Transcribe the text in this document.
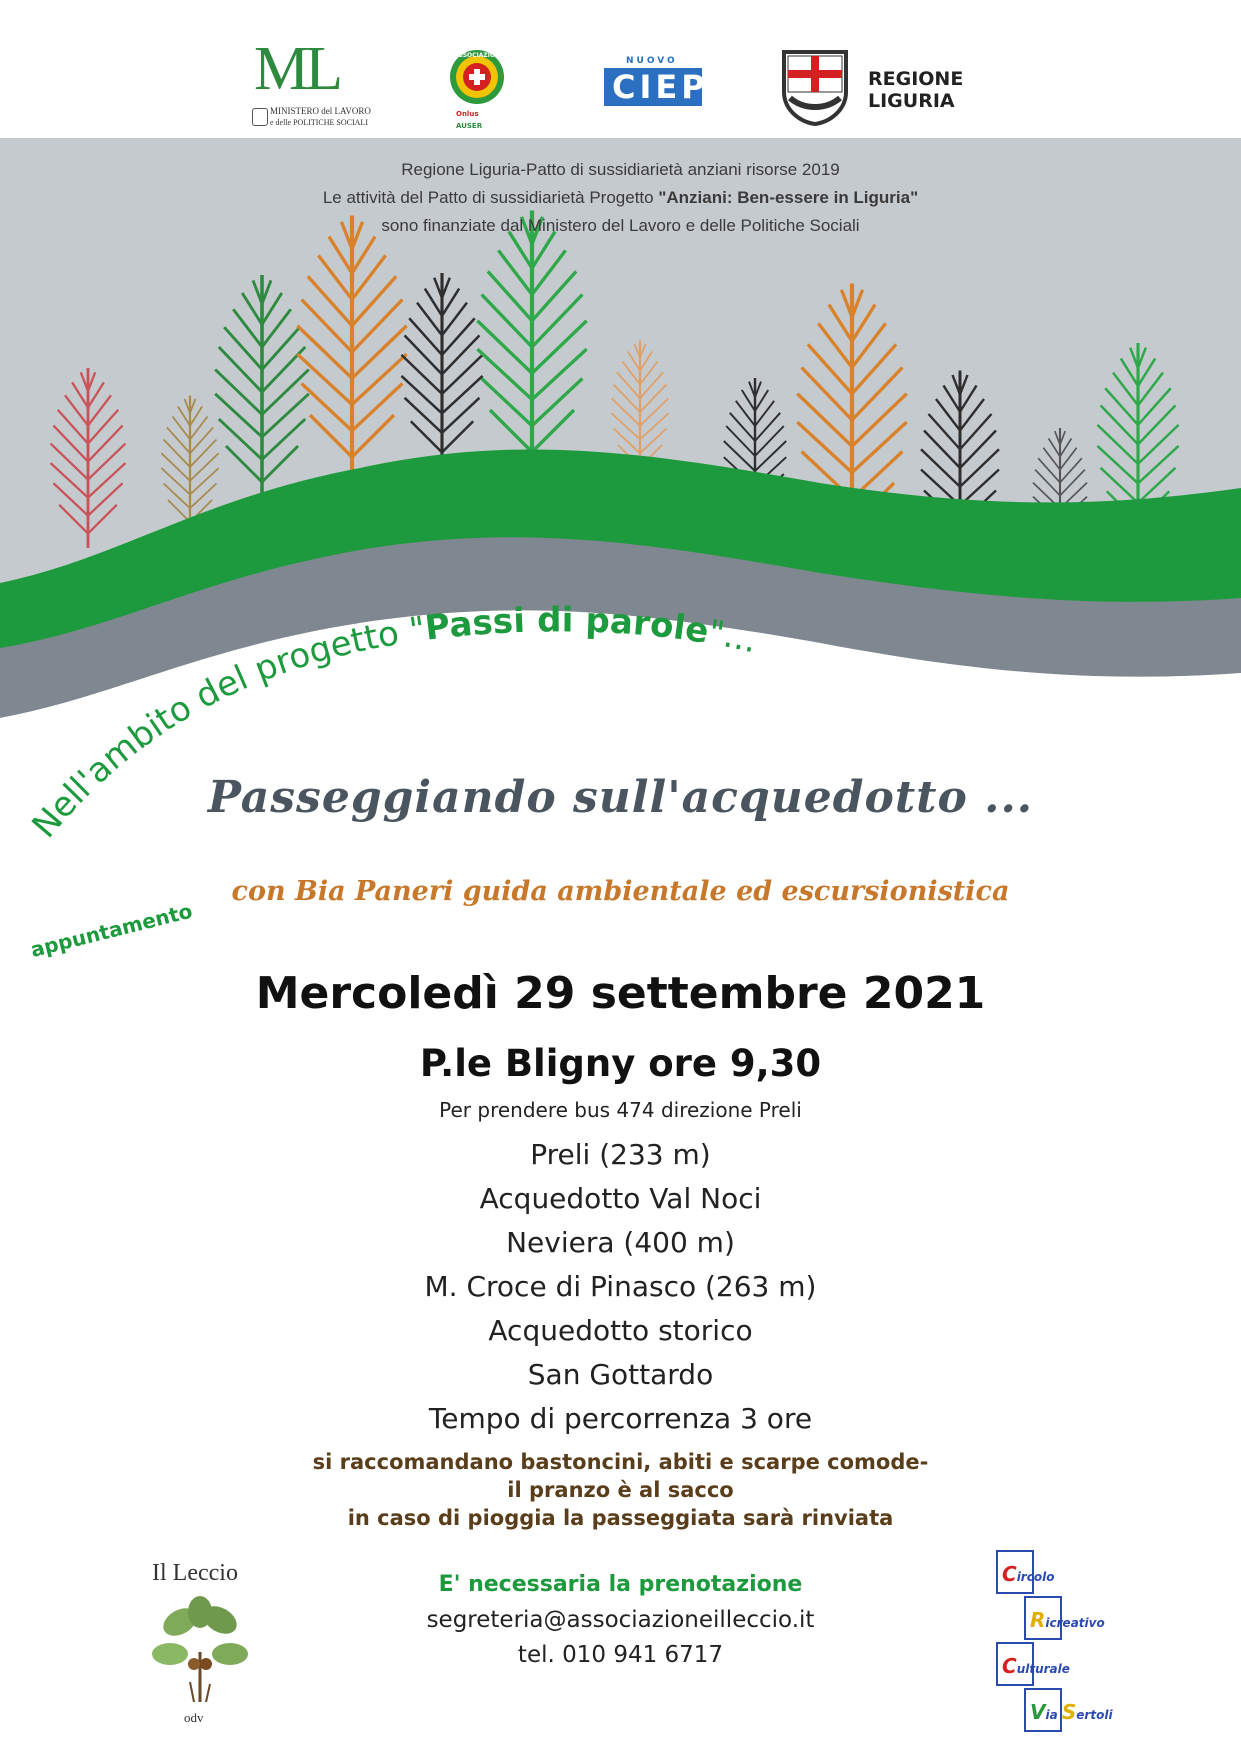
ML
MINISTERO del LAVORO
e delle POLITICHE SOCIALI
ASSOCIAZIONE
Onlus
AUSER
NUOVO
CIEP	REGIONE
LIGURIA
Regione Liguria-Patto di sussidiarietà anziani risorse 2019
Le attività del Patto di sussidiarietà Progetto "Anziani: Ben-essere in Liguria"
sono finanziate dal Ministero del Lavoro e delle Politiche Sociali
Nell'ambito del progetto "Passi di parole"...
Passeggiando sull'acquedotto ...
con Bia Paneri guida ambientale ed escursionistica
appuntamento
Mercoledì 29 settembre 2021
P.le Bligny ore 9,30
Per prendere bus 474 direzione Preli
Preli (233 m)
Acquedotto Val Noci
Neviera (400 m)
M. Croce di Pinasco (263 m)
Acquedotto storico
San Gottardo
Tempo di percorrenza 3 ore
si raccomandano bastoncini, abiti e scarpe comode-
il pranzo è al sacco
in caso di pioggia la passeggiata sarà rinviata
E' necessaria la prenotazione
segreteria@associazioneilleccio.it
tel. 010 941 6717
Il Leccio
odv
Circolo
Ricreativo
Culturale
Via Sertoli
